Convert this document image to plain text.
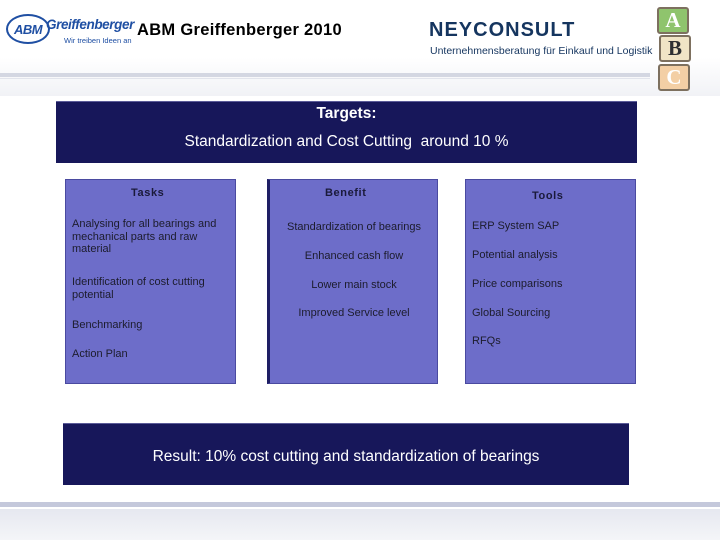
ABM Greiffenberger
Wir treiben Ideen an
ABM Greiffenberger 2010	NEYCONSULT
Unternehmensberatung für Einkauf und Logistik
A
B
C
Targets:
Standardization and Cost Cutting  around 10 %
Tasks
Analysing for all bearings and mechanical parts and raw material
Identification of cost cutting potential
Benchmarking
Action Plan
Benefit
Standardization of bearings
Enhanced cash flow
Lower main stock
Improved Service level
Tools
ERP System SAP
Potential analysis
Price comparisons
Global Sourcing
RFQs
Result: 10% cost cutting and standardization of bearings
